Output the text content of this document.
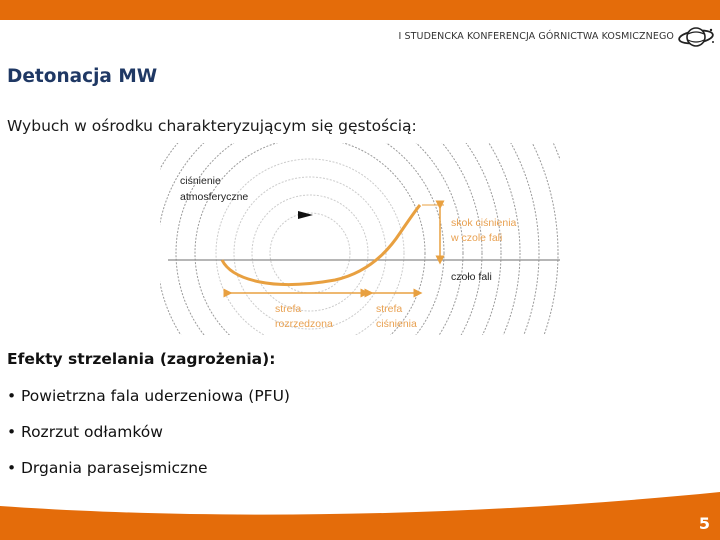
I STUDENCKA KONFERENCJA GÓRNICTWA KOSMICZNEGO
Detonacja MW
Wybuch w ośrodku charakteryzującym się gęstością:
ciśnienie
atmosferyczne
skok ciśnienia
w czole fali
czoło fali
strefa
rozrzedzona
strefa
ciśnienia
Efekty strzelania (zagrożenia):
• Powietrzna fala uderzeniowa (PFU)
• Rozrzut odłamków
• Drgania parasejsmiczne
5
